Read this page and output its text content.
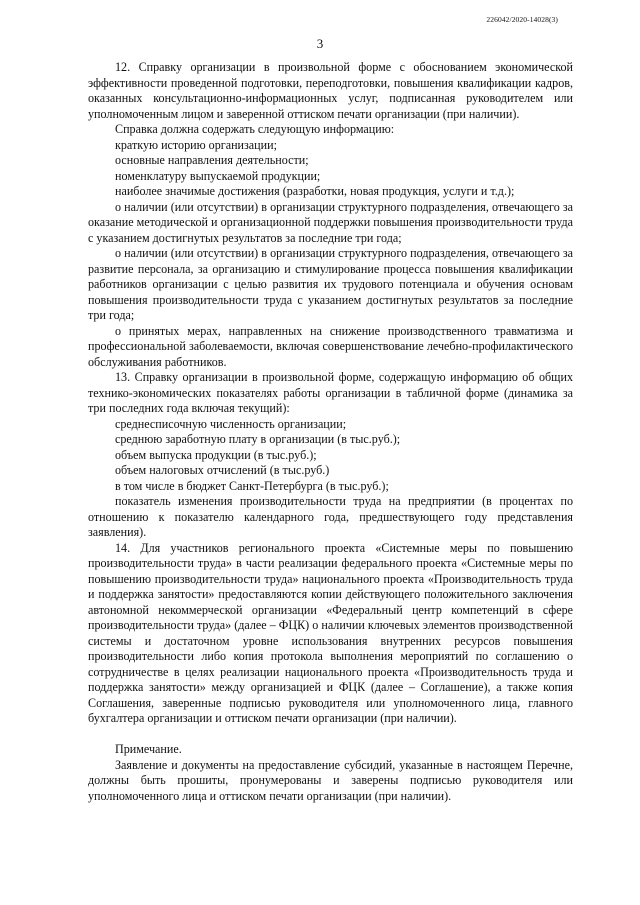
226042/2020-14028(3)
3

12. Справку организации в произвольной форме с обоснованием экономической эффективности проведенной подготовки, переподготовки, повышения квалификации кадров, оказанных консультационно-информационных услуг, подписанная руководителем или уполномоченным лицом и заверенной оттиском печати организации (при наличии).

Справка должна содержать следующую информацию:

краткую историю организации;

основные направления деятельности;

номенклатуру выпускаемой продукции;

наиболее значимые достижения (разработки, новая продукция, услуги и т.д.);

о наличии (или отсутствии) в организации структурного подразделения, отвечающего за оказание методической и организационной поддержки повышения производительности труда с указанием достигнутых результатов за последние три года;

о наличии (или отсутствии) в организации структурного подразделения, отвечающего за развитие персонала, за организацию и стимулирование процесса повышения квалификации работников организации с целью развития их трудового потенциала и обучения основам повышения производительности труда с указанием достигнутых результатов за последние три года;

о принятых мерах, направленных на снижение производственного травматизма и профессиональной заболеваемости, включая совершенствование лечебно-профилактического обслуживания работников.

13. Справку организации в произвольной форме, содержащую информацию об общих технико-экономических показателях работы организации в табличной форме (динамика за три последних года включая текущий):

среднесписочную численность организации;

среднюю заработную плату в организации (в тыс.руб.);

объем выпуска продукции (в тыс.руб.);

объем налоговых отчислений (в тыс.руб.)

в том числе в бюджет Санкт-Петербурга (в тыс.руб.);

показатель изменения производительности труда на предприятии (в процентах по отношению к показателю календарного года, предшествующего году представления заявления).

14. Для участников регионального проекта «Системные меры по повышению производительности труда» в части реализации федерального проекта «Системные меры по повышению производительности труда» национального проекта «Производительность труда и поддержка занятости» предоставляются копии действующего положительного заключения автономной некоммерческой организации «Федеральный центр компетенций в сфере производительности труда» (далее – ФЦК) о наличии ключевых элементов производственной системы и достаточном уровне использования внутренних ресурсов повышения производительности либо копия протокола выполнения мероприятий по соглашению о сотрудничестве в целях реализации национального проекта «Производительность труда и поддержка занятости» между организацией и ФЦК (далее – Соглашение), а также копия Соглашения, заверенные подписью руководителя или уполномоченного лица, главного бухгалтера организации и оттиском печати организации (при наличии).

Примечание.

Заявление и документы на предоставление субсидий, указанные в настоящем Перечне, должны быть прошиты, пронумерованы и заверены подписью руководителя или уполномоченного лица и оттиском печати организации (при наличии).
